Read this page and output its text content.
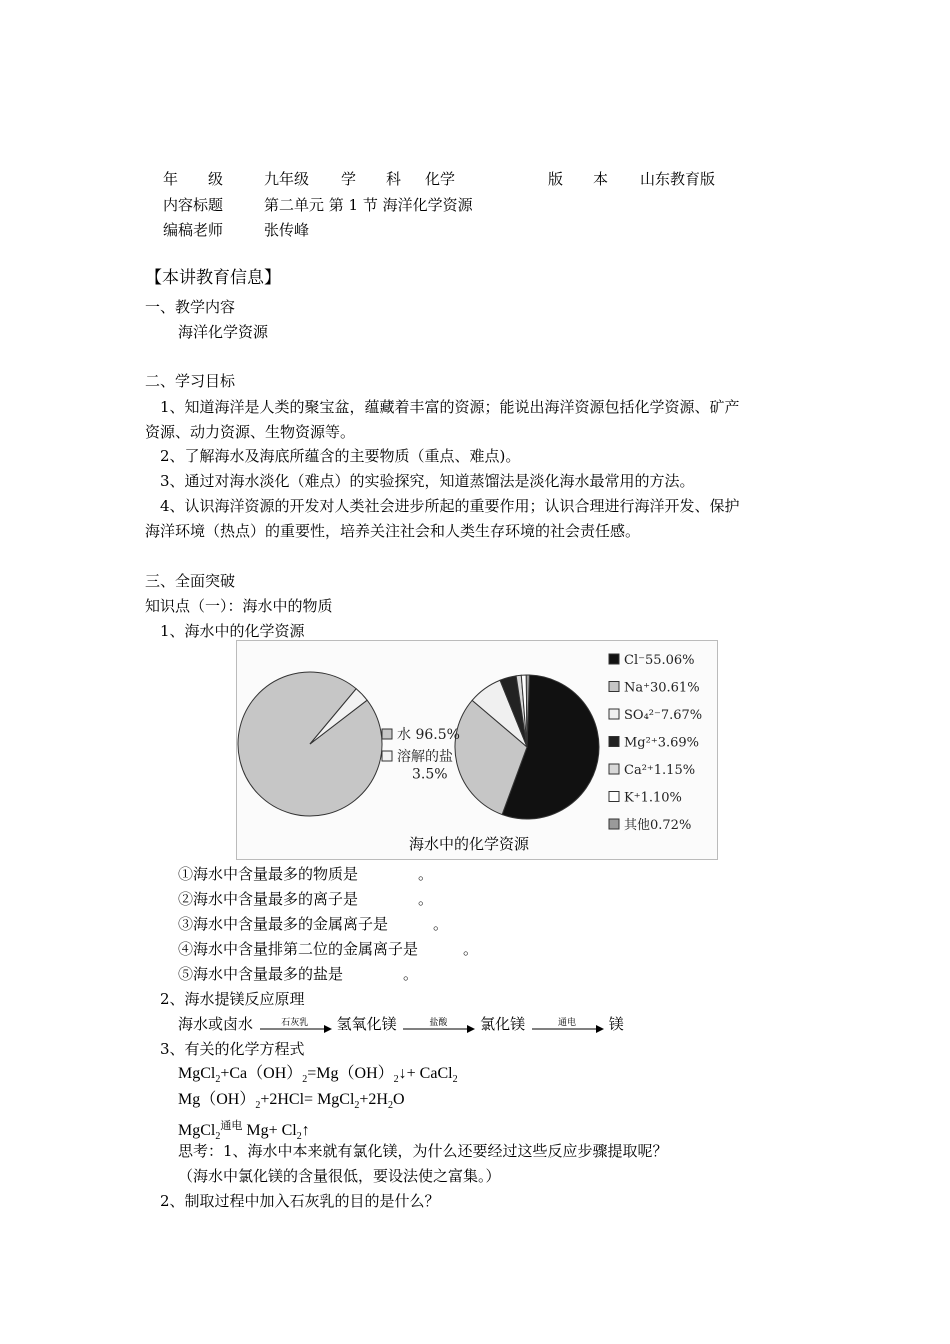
年　　级	九年级 学　　科 化学	版　　本 山东教育版
内容标题	第二单元 第 1 节 海洋化学资源
编稿老师	张传峰
【本讲教育信息】
一、教学内容
海洋化学资源
二、学习目标
1、知道海洋是人类的聚宝盆，蕴藏着丰富的资源；能说出海洋资源包括化学资源、矿产
资源、动力资源、生物资源等。
2、了解海水及海底所蕴含的主要物质（重点、难点)。
3、通过对海水淡化（难点）的实验探究，知道蒸馏法是淡化海水最常用的方法。
4、认识海洋资源的开发对人类社会进步所起的重要作用；认识合理进行海洋开发、保护
海洋环境（热点）的重要性，培养关注社会和人类生存环境的社会责任感。
三、全面突破
知识点（一）：海水中的物质
1、海水中的化学资源
水 96.5%
溶解的盐
3.5%
Cl⁻55.06%
Na⁺30.61%
SO₄²⁻7.67%
Mg²⁺3.69%
Ca²⁺1.15%
K⁺1.10%
其他0.72%
海水中的化学资源
①海水中含量最多的物质是　　　　。
②海水中含量最多的离子是　　　　。
③海水中含量最多的金属离子是　　　。
④海水中含量排第二位的金属离子是　　　。
⑤海水中含量最多的盐是　　　　。
2、海水提镁反应原理
海水或卤水	石灰乳	氢氧化镁	盐酸	氯化镁	通电	镁
3、有关的化学方程式
$MgCl_2+Ca(OH)_2=Mg(OH)_2↓+$ CaCl$_2$
$Mg(OH)_2+2HCl=$ $MgCl_2+2H_2O$
MgCl$_2^{通电}$ $Mg+ Cl_2↑$
思考：1、海水中本来就有氯化镁，为什么还要经过这些反应步骤提取呢？
（海水中氯化镁的含量很低，要设法使之富集。）
2、制取过程中加入石灰乳的目的是什么？
